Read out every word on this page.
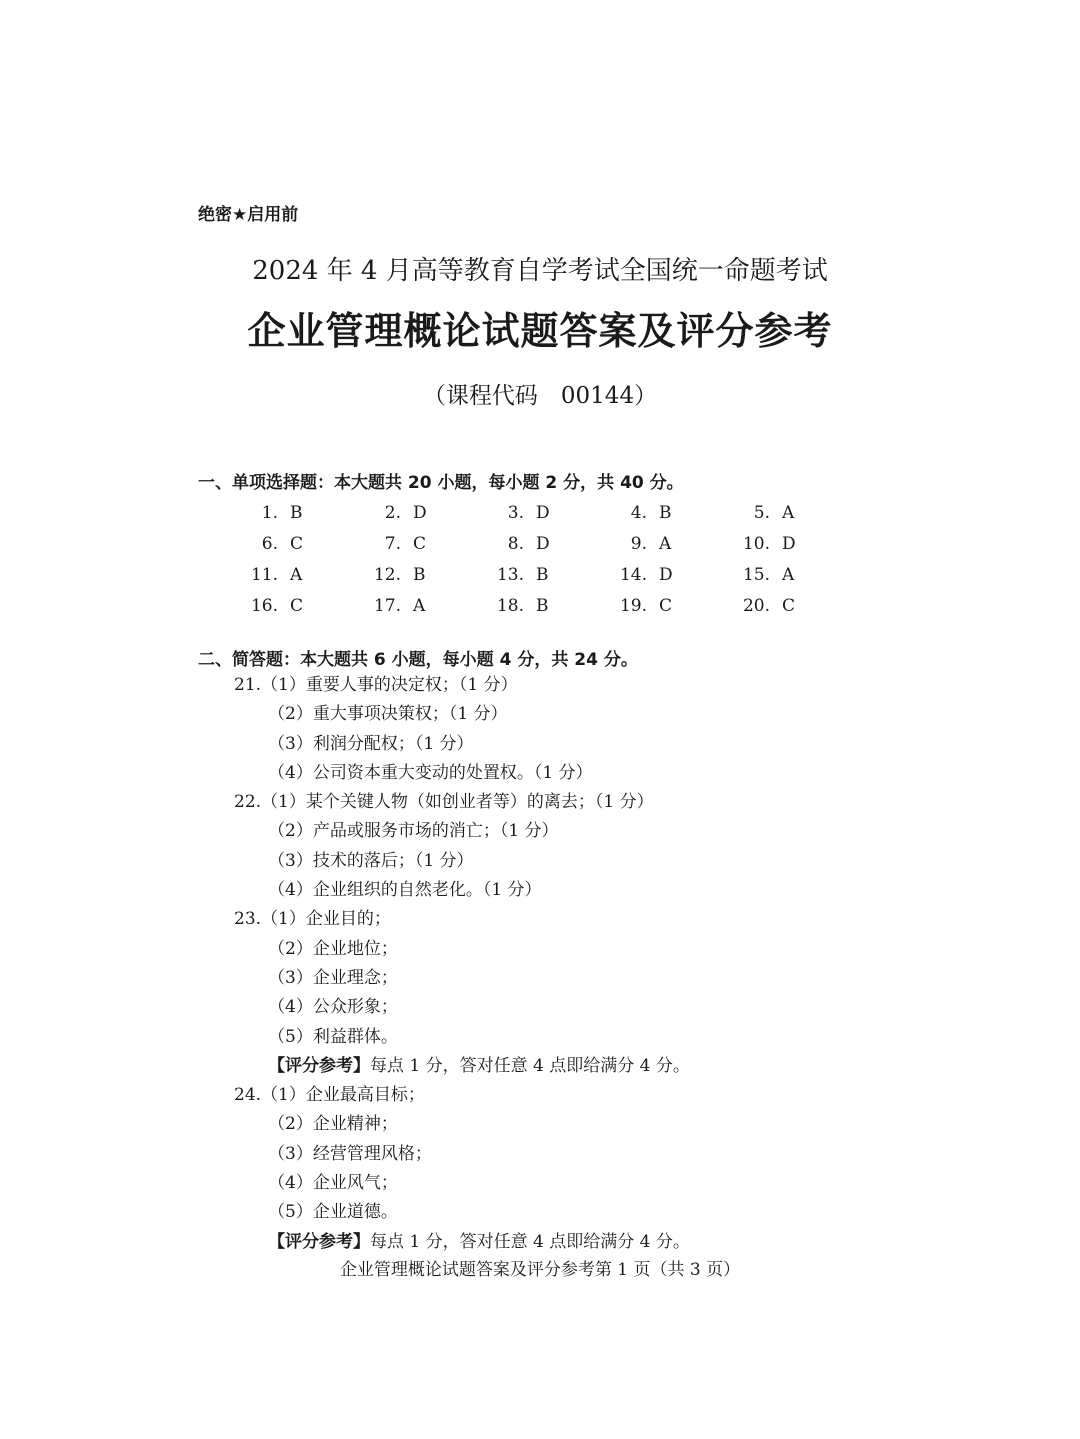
绝密★启用前
2024 年 4 月高等教育自学考试全国统一命题考试
企业管理概论试题答案及评分参考
（课程代码　00144）
一、单项选择题：本大题共 20 小题，每小题 2 分，共 40 分。
1. B	2. D	3. D	4. B	5. A
6. C	7. C	8. D	9. A	10. D
11. A	12. B	13. B	14. D	15. A
16. C	17. A	18. B	19. C	20. C
二、简答题：本大题共 6 小题，每小题 4 分，共 24 分。
21.（1）重要人事的决定权；（1 分）
（2）重大事项决策权；（1 分）
（3）利润分配权；（1 分）
（4）公司资本重大变动的处置权。（1 分）
22.（1）某个关键人物（如创业者等）的离去；（1 分）
（2）产品或服务市场的消亡；（1 分）
（3）技术的落后；（1 分）
（4）企业组织的自然老化。（1 分）
23.（1）企业目的；
（2）企业地位；
（3）企业理念；
（4）公众形象；
（5）利益群体。
【评分参考】每点 1 分，答对任意 4 点即给满分 4 分。
24.（1）企业最高目标；
（2）企业精神；
（3）经营管理风格；
（4）企业风气；
（5）企业道德。
【评分参考】每点 1 分，答对任意 4 点即给满分 4 分。
企业管理概论试题答案及评分参考第 1 页（共 3 页）
